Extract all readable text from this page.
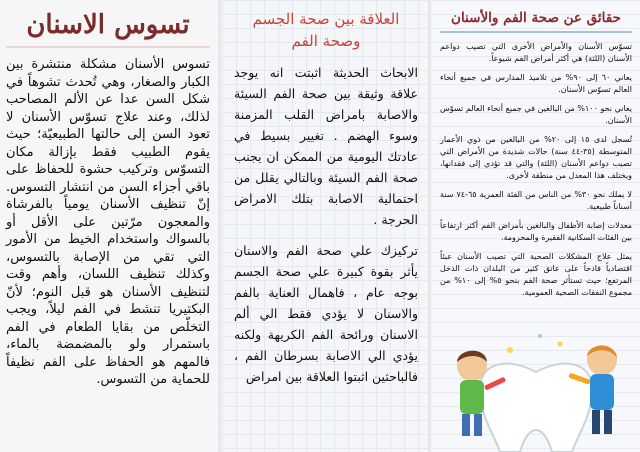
تسوس الاسنان
تسوس الأسنان مشكلة منتشرة بين الكبار والصغار، وهي تُحدث تشوهاً في شكل السن عدا عن الألم المصاحب لذلك، وعند علاج تسوّس الأسنان لا تعود السن إلى حالتها الطبيعيّة؛ حيث يقوم الطبيب فقط بإزالة مكان التسوّس وتركيب حشوة للحفاظ على باقي أجزاء السن من انتشار التسوس. إنّ تنظيف الأسنان يومياً بالفرشاة والمعجون مرّتين على الأقل أو بالسواك واستخدام الخيط من الأمور التي تقي من الإصابة بالتسوس، وكذلك تنظيف اللسان، وأهم وقت لتنظيف الأسنان هو قبل النوم؛ لأنّ البكتيريا تنشط في الفم ليلاً، ويجب التخلّص من بقايا الطعام في الفم باستمرار ولو بالمضمضة بالماء، فالمهم هو الحفاظ على الفم نظيفاً للحماية من التسوس.
العلاقة بين صحة الجسم وصحة الفم
الابحاث الحديثة اثبتت انه يوجد علاقة وثيقة بين صحة الفم السيئة والاصابة بامراض القلب المزمنة وسوء الهضم . تغيير بسيط في عادتك اليومية من الممكن ان يجنب صحة الفم السيئة وبالتالي يقلل من احتمالية الاصابة بتلك الامراض الحرجة .
تركيزك علي صحة الفم والاسنان يأثر بقوة كبيرة علي صحة الجسم بوجه عام ، فاهمال العناية بالفم والاسنان لا يؤدي فقط الي ألم الاسنان ورائحة الفم الكريهة ولكنه يؤدي الي الاصابة بسرطان الفم ، فالباحثين اثبتوا العلاقة بين امراض
حقائق عن صحة الفم والأسنان

تسوّس الأسنان والأمراض الأخرى التي تصيب دواعم الأسنان (اللثة) هي أكثر أمراض الفم شيوعاً.

يعاني ٦٠ إلى ٩٠% من تلاميذ المدارس في جميع أنحاء العالم تسوّس الأسنان.

يعاني نحو ١٠٠% من البالغين في جميع أنحاء العالم تسوّس الأسنان.

تُسجل لدى ١٥ إلى ٢٠% من البالغين من ذوي الأعمار المتوسطة (٣٥-٤٤ سنة) حالات شديدة من الأمراض التي تصيب دواعم الأسنان (اللثة) والتي قد تؤدي إلى فقدانها، ويختلف هذا المعدل من منطقة لأخرى.

لا يملك نحو ٣٠% من الناس من الفئة العمرية ٦٥-٧٤ سنة أسناناً طبيعية.

معدلات إصابة الأطفال والبالغين بأمراض الفم أكثر ارتفاعاً بين الفئات السكانية الفقيرة والمحرومة.

يمثل علاج المشكلات الصحية التي تصيب الأسنان عبئاً اقتصادياً فادحاً على عاتق كثير من البلدان ذات الدخل المرتفع؛ حيث تستأثر صحة الفم بنحو ٥% إلى ١٠% من مجموع النفقات الصحية العمومية.
